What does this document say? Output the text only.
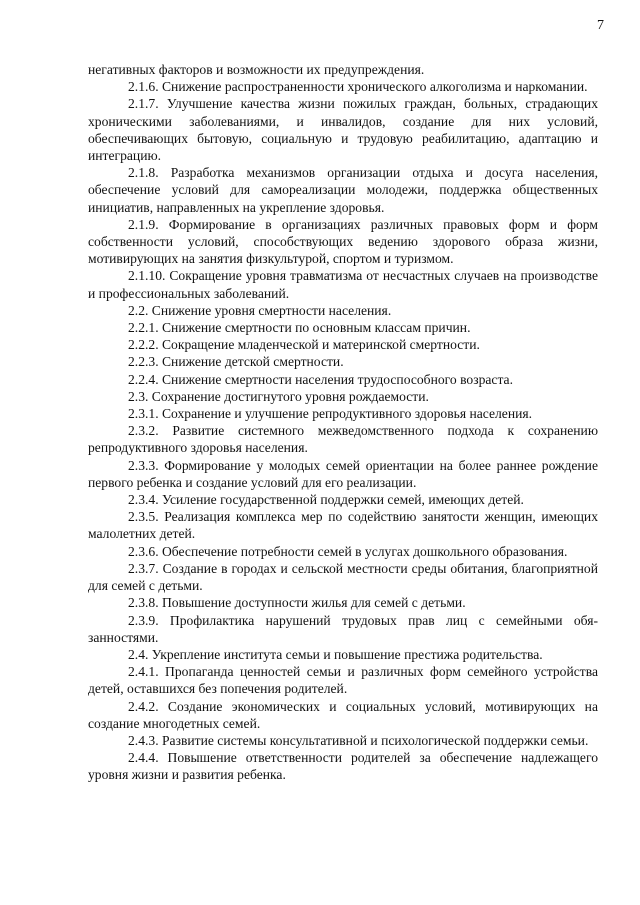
7

негативных факторов и возможности их предупреждения.

2.1.6. Снижение распространенности хронического алкоголизма и наркомании.

2.1.7. Улучшение качества жизни пожилых граждан, больных, страдающих хроническими заболеваниями, и инвалидов, создание для них условий, обеспечивающих бытовую, социальную и трудовую реабилитацию, адаптацию и интеграцию.

2.1.8. Разработка механизмов организации отдыха и досуга населения, обеспечение условий для самореализации молодежи, поддержка общественных инициатив, направленных на укрепление здоровья.

2.1.9. Формирование в организациях различных правовых форм и форм собственности условий, способствующих ведению здорового образа жизни, мотивирующих на занятия физкультурой, спортом и туризмом.

2.1.10. Сокращение уровня травматизма от несчастных случаев на производстве и профессиональных заболеваний.

2.2. Снижение уровня смертности населения.

2.2.1. Снижение смертности по основным классам причин.

2.2.2. Сокращение младенческой и материнской смертности.

2.2.3. Снижение детской смертности.

2.2.4. Снижение смертности населения трудоспособного возраста.

2.3. Сохранение достигнутого уровня рождаемости.

2.3.1. Сохранение и улучшение репродуктивного здоровья населения.

2.3.2. Развитие системного межведомственного подхода к сохранению репродуктивного здоровья населения.

2.3.3. Формирование у молодых семей ориентации на более раннее рождение первого ребенка и создание условий для его реализации.

2.3.4. Усиление государственной поддержки семей, имеющих детей.

2.3.5. Реализация комплекса мер по содействию занятости женщин, имеющих малолетних детей.

2.3.6. Обеспечение потребности семей в услугах дошкольного образования.

2.3.7. Создание в городах и сельской местности среды обитания, благоприятной для семей с детьми.

2.3.8. Повышение доступности жилья для семей с детьми.

2.3.9. Профилактика нарушений трудовых прав лиц с семейными обязанностями.

2.4. Укрепление института семьи и повышение престижа родительства.

2.4.1. Пропаганда ценностей семьи и различных форм семейного устройства детей, оставшихся без попечения родителей.

2.4.2. Создание экономических и социальных условий, мотивирующих на создание многодетных семей.

2.4.3. Развитие системы консультативной и психологической поддержки семьи.

2.4.4. Повышение ответственности родителей за обеспечение надлежащего уровня жизни и развития ребенка.
